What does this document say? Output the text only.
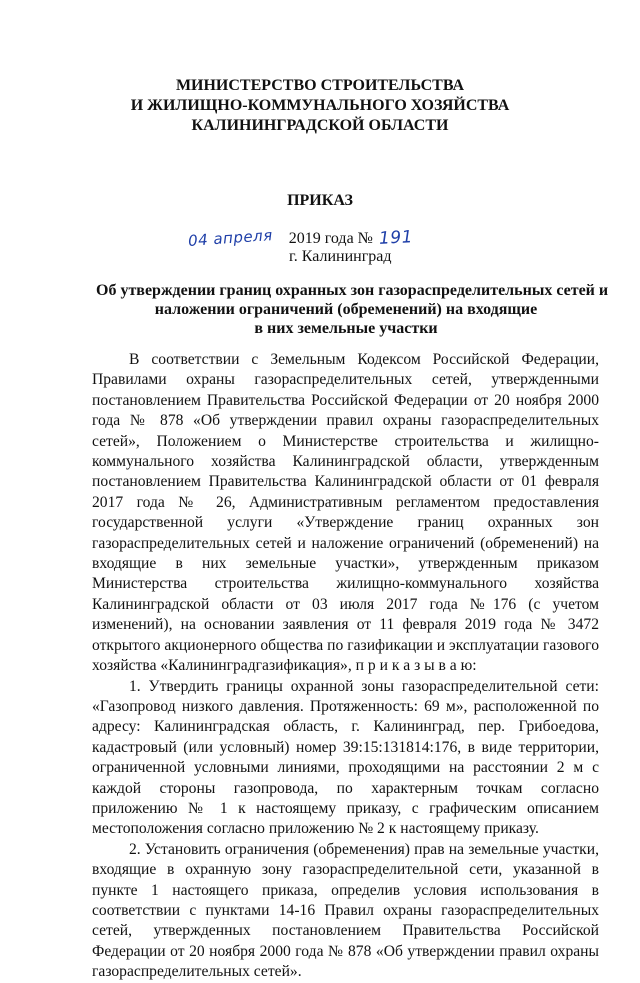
МИНИСТЕРСТВО СТРОИТЕЛЬСТВА
И ЖИЛИЩНО-КОММУНАЛЬНОГО ХОЗЯЙСТВА
КАЛИНИНГРАДСКОЙ ОБЛАСТИ
ПРИКАЗ
04 апреля 2019 года № 191
г. Калининград
Об утверждении границ охранных зон газораспределительных сетей и
наложении ограничений (обременений) на входящие
в них земельные участки

В соответствии с Земельным Кодексом Российской Федерации, Правилами охраны газораспределительных сетей, утвержденными постановлением Правительства Российской Федерации от 20 ноября 2000 года № 878 «Об утверждении правил охраны газораспределительных сетей», Положением о Министерстве строительства и жилищно-коммунального хозяйства Калининградской области, утвержденным постановлением Правительства Калининградской области от 01 февраля 2017 года № 26, Административным регламентом предоставления государственной услуги «Утверждение границ охранных зон газораспределительных сетей и наложение ограничений (обременений) на входящие в них земельные участки», утвержденным приказом Министерства строительства жилищно-коммунального хозяйства Калининградской области от 03 июля 2017 года №176 (с учетом изменений), на основании заявления от 11 февраля 2019 года № 3472 открытого акционерного общества по газификации и эксплуатации газового хозяйства «Калининградгазификация», п р и к а з ы в а ю:

1. Утвердить границы охранной зоны газораспределительной сети: «Газопровод низкого давления. Протяженность: 69 м», расположенной по адресу: Калининградская область, г. Калининград, пер. Грибоедова, кадастровый (или условный) номер 39:15:131814:176, в виде территории, ограниченной условными линиями, проходящими на расстоянии 2 м с каждой стороны газопровода, по характерным точкам согласно приложению № 1 к настоящему приказу, с графическим описанием местоположения согласно приложению № 2 к настоящему приказу.

2. Установить ограничения (обременения) прав на земельные участки, входящие в охранную зону газораспределительной сети, указанной в пункте 1 настоящего приказа, определив условия использования в соответствии с пунктами 14-16 Правил охраны газораспределительных сетей, утвержденных постановлением Правительства Российской Федерации от 20 ноября 2000 года № 878 «Об утверждении правил охраны газораспределительных сетей».
